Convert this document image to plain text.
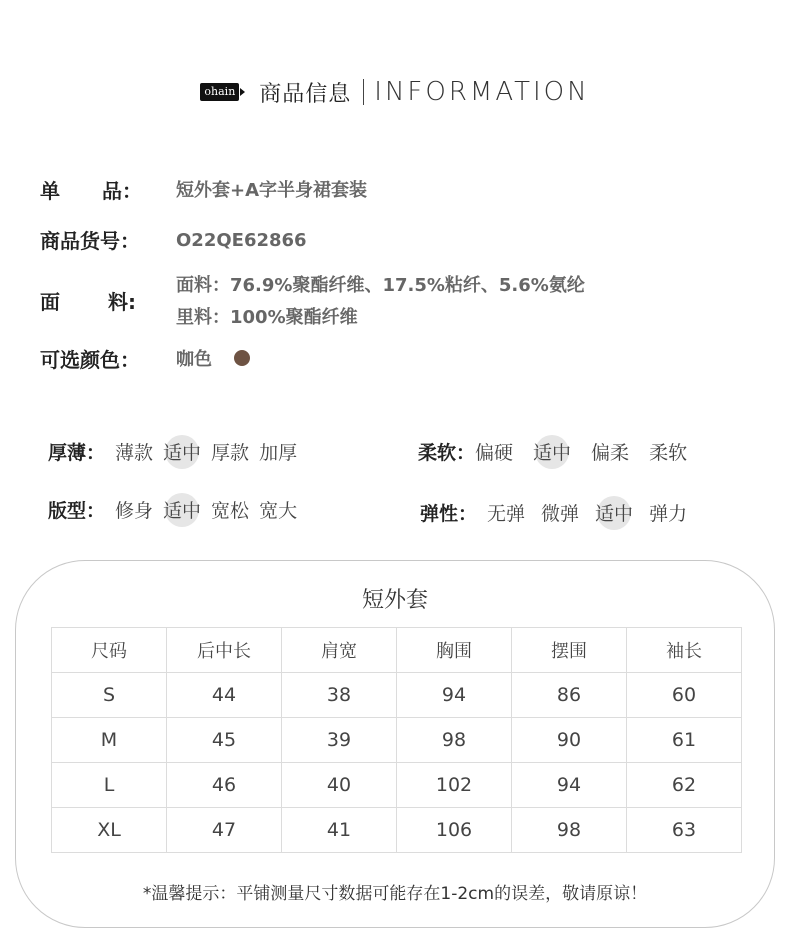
ohain 商品信息 INFORMATION
单 品：	短外套+A字半身裙套装
商品货号：	O22QE62866
面 料:
面料：76.9%聚酯纤维、17.5%粘纤、5.6%氨纶
里料：100%聚酯纤维
可选颜色：	咖色
厚薄： 薄款 适中 厚款 加厚	柔软： 偏硬 适中 偏柔 柔软
版型： 修身 适中 宽松 宽大	弹性： 无弹 微弹 适中 弹力
短外套
尺码	后中长	肩宽	胸围	摆围	袖长
S	44	38	94	86	60
M	45	39	98	90	61
L	46	40	102	94	62
XL	47	41	106	98	63
*温馨提示：平铺测量尺寸数据可能存在1-2cm的误差，敬请原谅！
